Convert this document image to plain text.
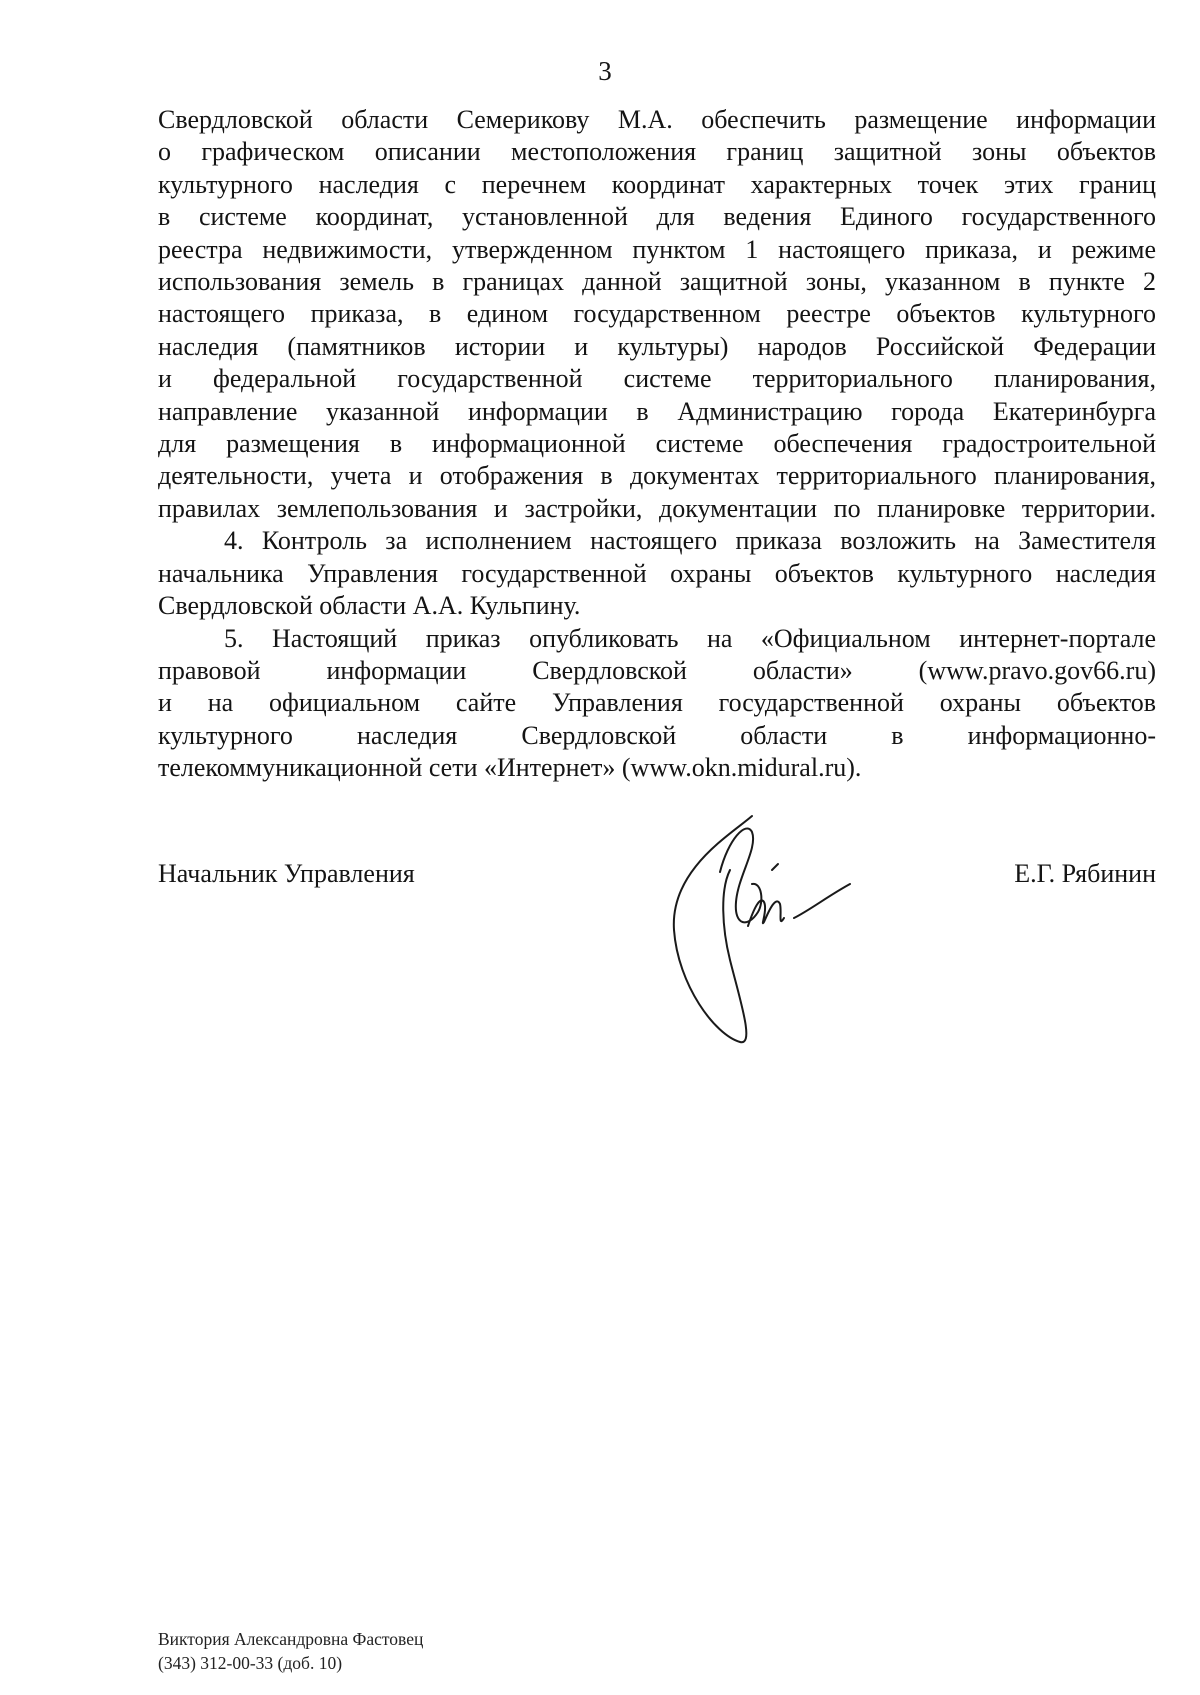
3

Свердловской области Семерикову М.А. обеспечить размещение информации
о графическом описании местоположения границ защитной зоны объектов
культурного наследия с перечнем координат характерных точек этих границ
в системе координат, установленной для ведения Единого государственного
реестра недвижимости, утвержденном пунктом 1 настоящего приказа, и режиме
использования земель в границах данной защитной зоны, указанном в пункте 2
настоящего приказа, в едином государственном реестре объектов культурного
наследия (памятников истории и культуры) народов Российской Федерации
и федеральной государственной системе территориального планирования,
направление указанной информации в Администрацию города Екатеринбурга
для размещения в информационной системе обеспечения градостроительной
деятельности, учета и отображения в документах территориального планирования,
правилах землепользования и застройки, документации по планировке территории.

4. Контроль за исполнением настоящего приказа возложить на Заместителя
начальника Управления государственной охраны объектов культурного наследия
Свердловской области А.А. Кульпину.

5. Настоящий приказ опубликовать на «Официальном интернет-портале
правовой информации Свердловской области» (www.pravo.gov66.ru)
и на официальном сайте Управления государственной охраны объектов
культурного наследия Свердловской области в информационно-
телекоммуникационной сети «Интернет» (www.okn.midural.ru).

Начальник Управления	Е.Г. Рябинин
Виктория Александровна Фастовец
(343) 312-00-33 (доб. 10)
